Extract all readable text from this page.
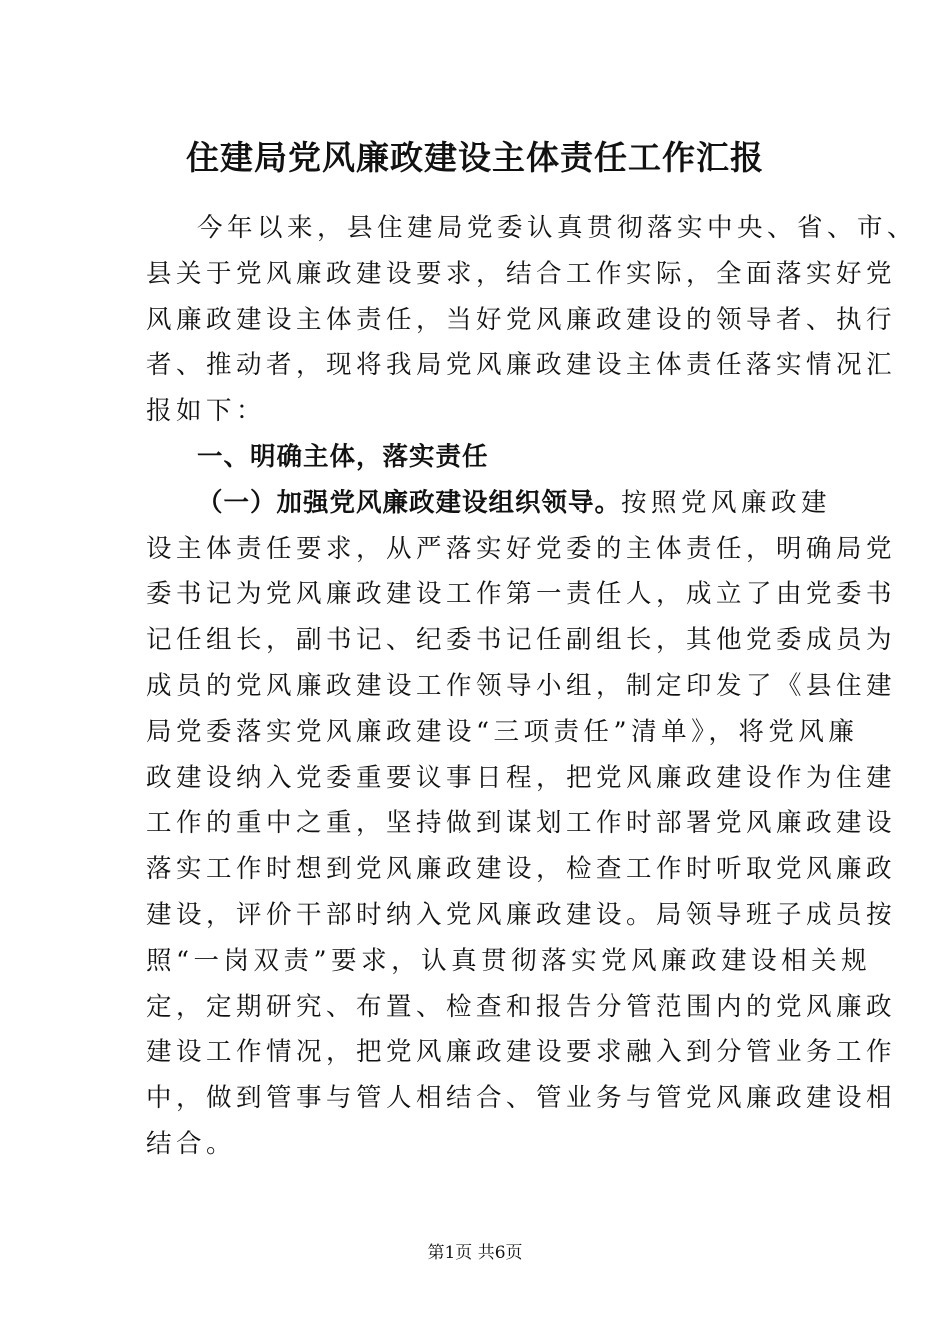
住建局党风廉政建设主体责任工作汇报
今年以来，县住建局党委认真贯彻落实中央、省、市、
县关于党风廉政建设要求，结合工作实际，全面落实好党
风廉政建设主体责任，当好党风廉政建设的领导者、执行
者、推动者，现将我局党风廉政建设主体责任落实情况汇
报如下：
一、明确主体，落实责任
（一）加强党风廉政建设组织领导。按照党风廉政建
设主体责任要求，从严落实好党委的主体责任，明确局党
委书记为党风廉政建设工作第一责任人，成立了由党委书
记任组长，副书记、纪委书记任副组长，其他党委成员为
成员的党风廉政建设工作领导小组，制定印发了《县住建
局党委落实党风廉政建设“三项责任”清单》，将党风廉
政建设纳入党委重要议事日程，把党风廉政建设作为住建
工作的重中之重，坚持做到谋划工作时部署党风廉政建设
落实工作时想到党风廉政建设，检查工作时听取党风廉政
建设，评价干部时纳入党风廉政建设。局领导班子成员按
照“一岗双责”要求，认真贯彻落实党风廉政建设相关规
定，定期研究、布置、检查和报告分管范围内的党风廉政
建设工作情况，把党风廉政建设要求融入到分管业务工作
中，做到管事与管人相结合、管业务与管党风廉政建设相
结合。
第1页 共6页
